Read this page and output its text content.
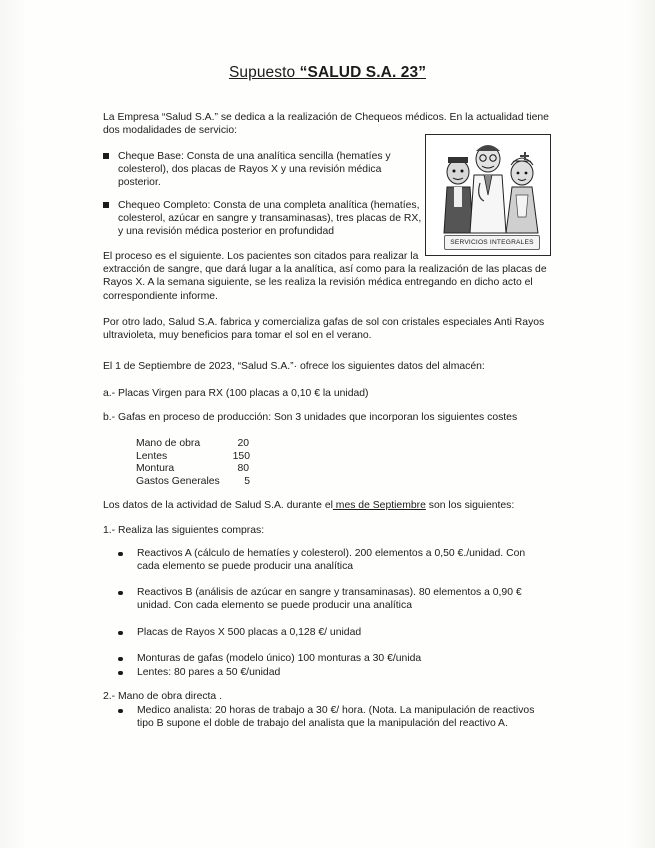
Supuesto “SALUD S.A. 23”
La Empresa “Salud S.A.” se dedica a la realización de Chequeos médicos. En la actualidad tiene
dos modalidades de servicio:
Cheque Base: Consta de una analítica sencilla (hematíes y
colesterol), dos placas de Rayos X y una revisión médica
posterior.
Chequeo Completo: Consta de una completa analítica (hematíes,
colesterol, azúcar en sangre y transaminasas), tres placas de RX,
y una revisión médica posterior en profundidad
SERVICIOS INTEGRALES
El proceso es el siguiente. Los pacientes son citados para realizar la
extracción de sangre, que dará lugar a la analítica, así como para la realización de las placas de
Rayos X. A la semana siguiente, se les realiza la revisión médica entregando en dicho acto el
correspondiente informe.
Por otro lado, Salud S.A. fabrica y comercializa gafas de sol con cristales especiales Anti Rayos
ultravioleta, muy beneficios para tomar el sol en el verano.
El 1 de Septiembre de 2023, “Salud S.A.”· ofrece los siguientes datos del almacén:
a.- Placas Virgen para RX (100 placas a 0,10 € la unidad)
b.- Gafas en proceso de producción: Son 3 unidades que incorporan los siguientes costes
Mano de obra	20
Lentes	150
Montura	80
Gastos Generales 5
Los datos de la actividad de Salud S.A. durante el mes de Septiembre son los siguientes:
1.- Realiza las siguientes compras:
Reactivos A (cálculo de hematíes y colesterol). 200 elementos a 0,50 €./unidad. Con
cada elemento se puede producir una analítica
Reactivos B (análisis de azúcar en sangre y transaminasas). 80 elementos a 0,90 €
unidad. Con cada elemento se puede producir una analítica
Placas de Rayos X 500 placas a 0,128 €/ unidad
Monturas de gafas (modelo único) 100 monturas a 30 €/unida
Lentes: 80 pares a 50 €/unidad
2.- Mano de obra directa .
Medico analista: 20 horas de trabajo a 30 €/ hora. (Nota. La manipulación de reactivos
tipo B supone el doble de trabajo del analista que la manipulación del reactivo A.
